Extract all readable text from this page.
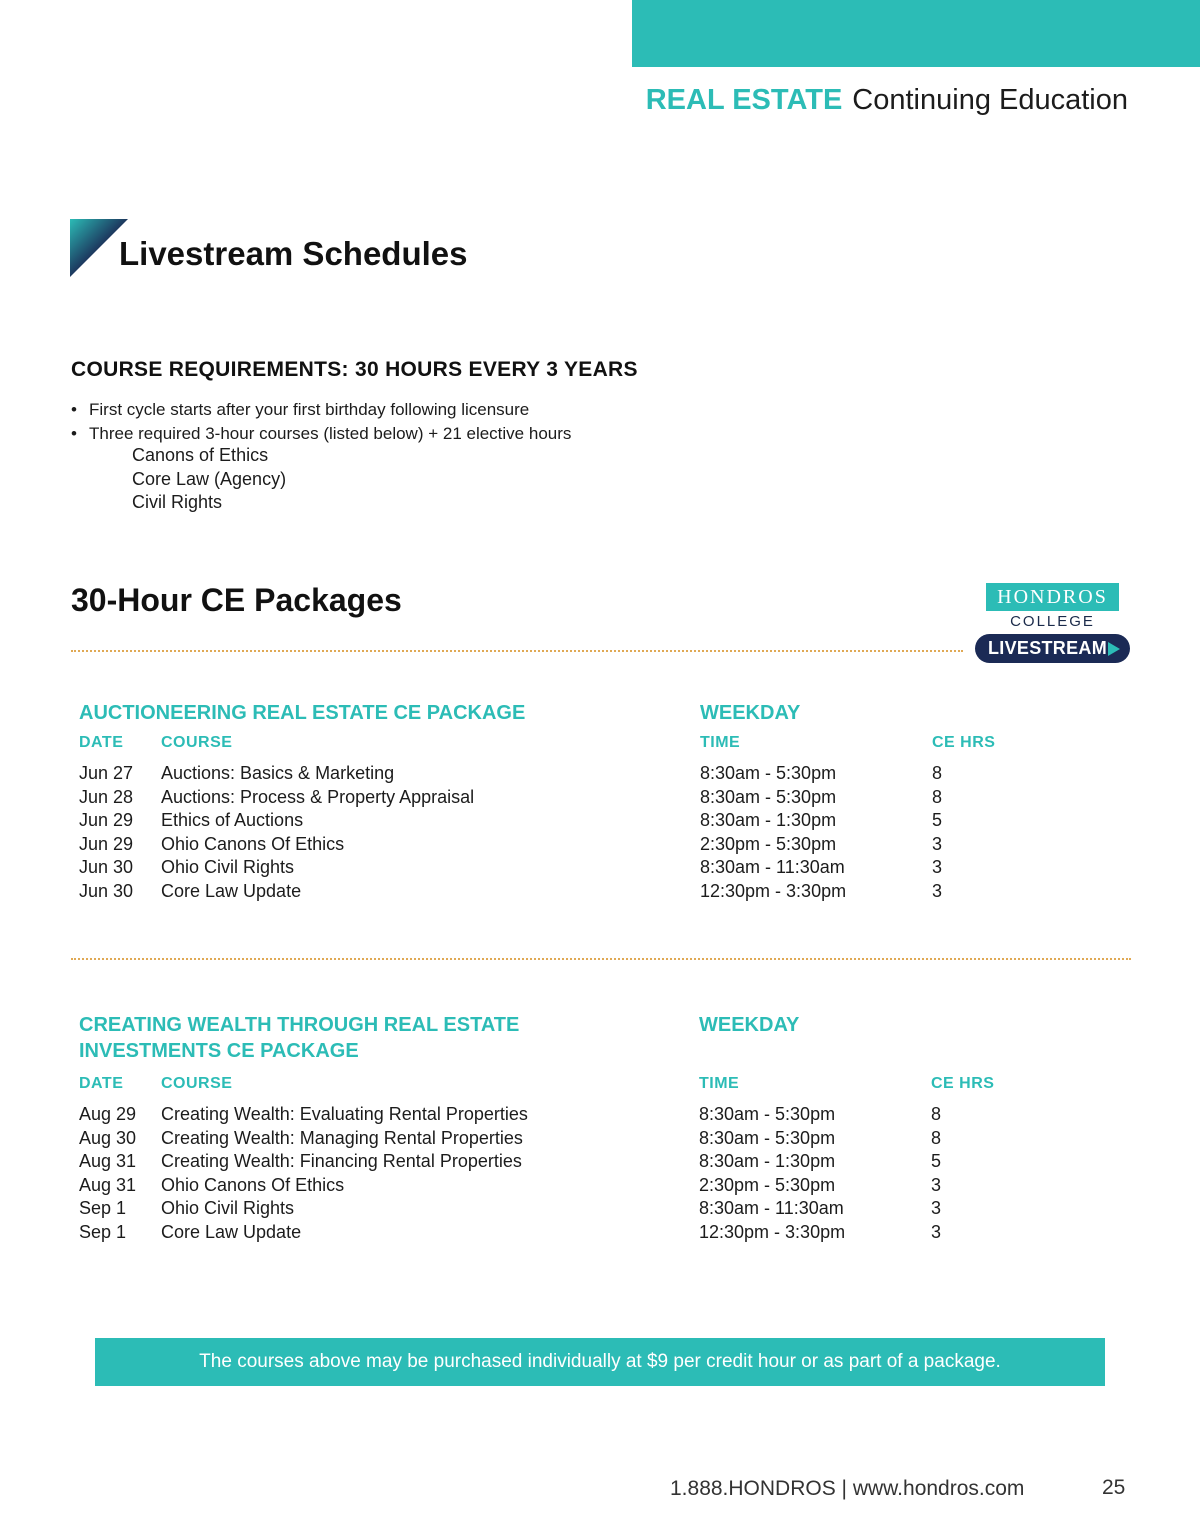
REAL ESTATE Continuing Education
Livestream Schedules
COURSE REQUIREMENTS: 30 HOURS EVERY 3 YEARS
• First cycle starts after your first birthday following licensure
• Three required 3-hour courses (listed below) + 21 elective hours
Canons of Ethics
Core Law (Agency)
Civil Rights
30-Hour CE Packages	HONDROS
COLLEGE
LIVESTREAM
AUCTIONEERING REAL ESTATE CE PACKAGE	WEEKDAY
DATE COURSE	TIME	CE HRS
Jun 27 Auctions: Basics & Marketing	8:30am - 5:30pm	8
Jun 28 Auctions: Process & Property Appraisal	8:30am - 5:30pm	8
Jun 29 Ethics of Auctions	8:30am - 1:30pm	5
Jun 29 Ohio Canons Of Ethics	2:30pm - 5:30pm	3
Jun 30 Ohio Civil Rights	8:30am - 11:30am	3
Jun 30 Core Law Update	12:30pm - 3:30pm	3
CREATING WEALTH THROUGH REAL ESTATE
INVESTMENTS CE PACKAGE
WEEKDAY
DATE COURSE	TIME	CE HRS
Aug 29 Creating Wealth: Evaluating Rental Properties	8:30am - 5:30pm	8
Aug 30 Creating Wealth: Managing Rental Properties	8:30am - 5:30pm	8
Aug 31 Creating Wealth: Financing Rental Properties	8:30am - 1:30pm	5
Aug 31 Ohio Canons Of Ethics	2:30pm - 5:30pm	3
Sep 1 Ohio Civil Rights	8:30am - 11:30am	3
Sep 1 Core Law Update	12:30pm - 3:30pm	3
The courses above may be purchased individually at $9 per credit hour or as part of a package.
1.888.HONDROS | www.hondros.com	25
